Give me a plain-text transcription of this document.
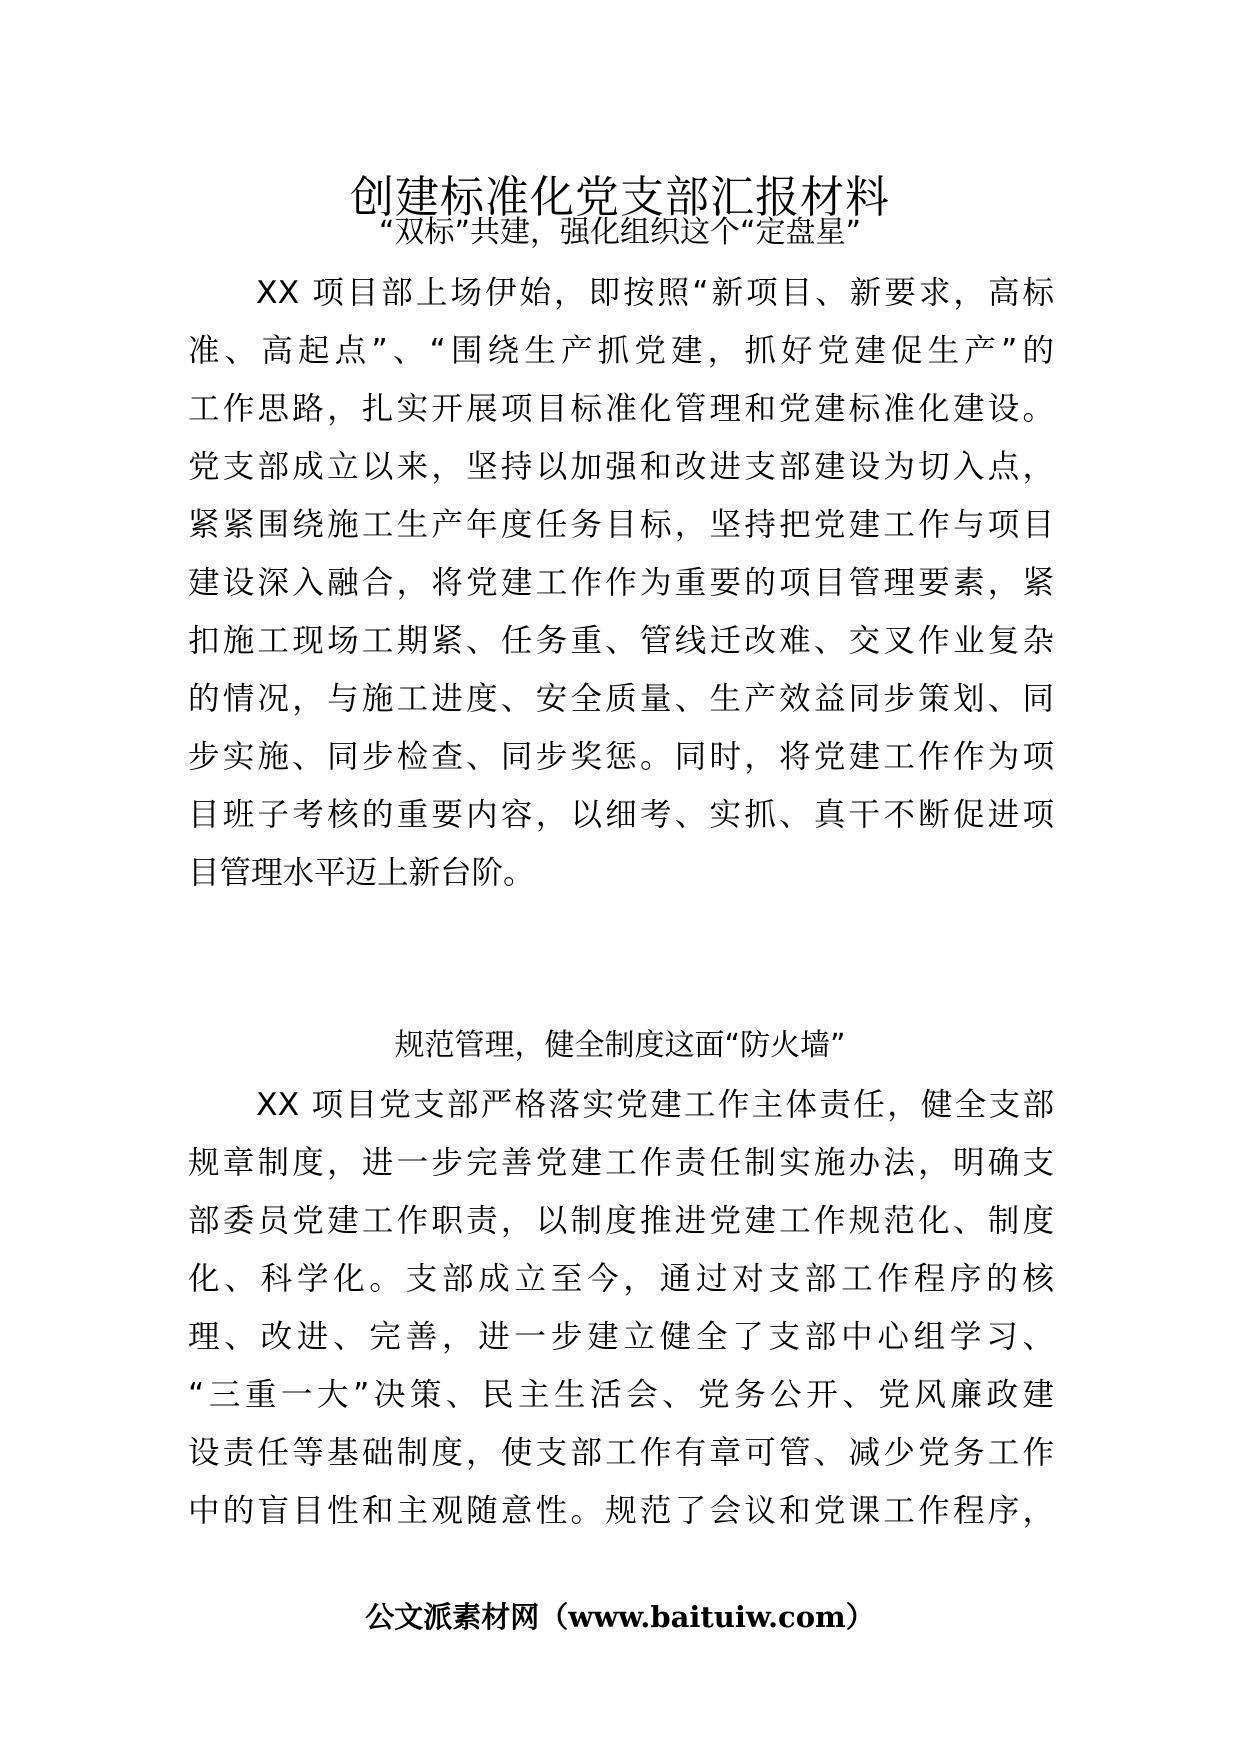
创建标准化党支部汇报材料
“双标”共建，强化组织这个“定盘星”
XX 项目部上场伊始，即按照“新项目、新要求，高标
准、高起点”、“围绕生产抓党建，抓好党建促生产”的
工作思路，扎实开展项目标准化管理和党建标准化建设。
党支部成立以来，坚持以加强和改进支部建设为切入点，
紧紧围绕施工生产年度任务目标，坚持把党建工作与项目
建设深入融合，将党建工作作为重要的项目管理要素，紧
扣施工现场工期紧、任务重、管线迁改难、交叉作业复杂
的情况，与施工进度、安全质量、生产效益同步策划、同
步实施、同步检查、同步奖惩。同时，将党建工作作为项
目班子考核的重要内容，以细考、实抓、真干不断促进项
目管理水平迈上新台阶。
规范管理，健全制度这面“防火墙”
XX 项目党支部严格落实党建工作主体责任，健全支部
规章制度，进一步完善党建工作责任制实施办法，明确支
部委员党建工作职责，以制度推进党建工作规范化、制度
化、科学化。支部成立至今，通过对支部工作程序的核
理、改进、完善，进一步建立健全了支部中心组学习、
“三重一大”决策、民主生活会、党务公开、党风廉政建
设责任等基础制度，使支部工作有章可管、减少党务工作
中的盲目性和主观随意性。规范了会议和党课工作程序，
公文派素材网（www.baituiw.com）
